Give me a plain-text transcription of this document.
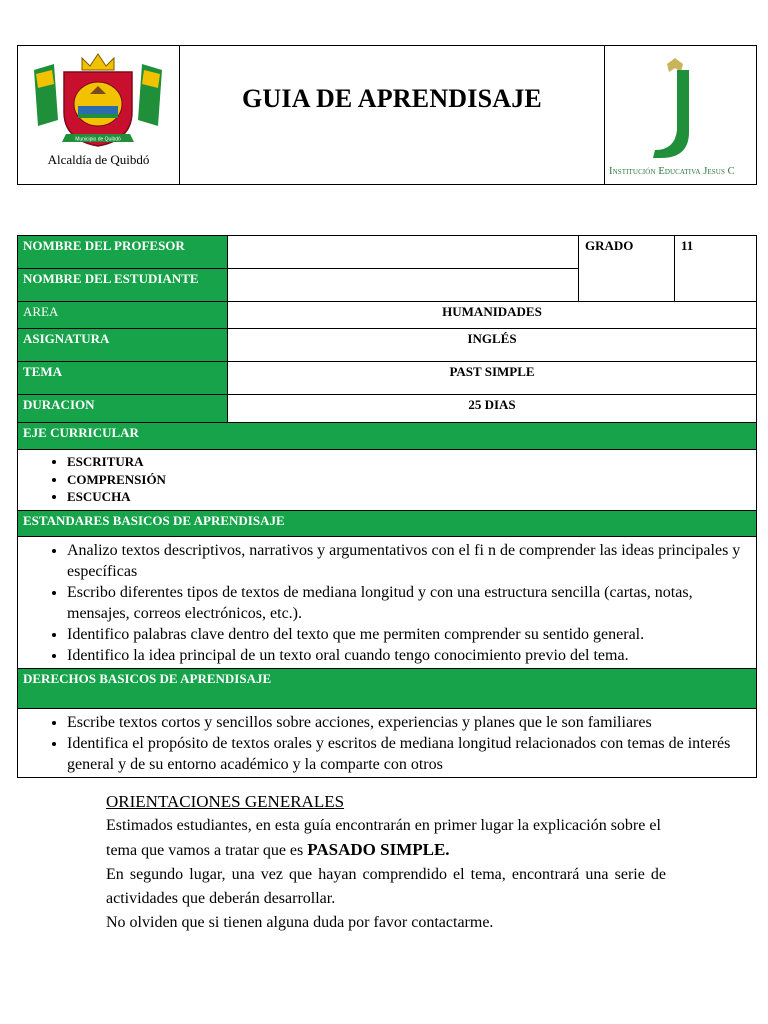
Municipio de Quibdó
Alcaldía de Quibdó
GUIA DE APRENDISAJE
Institución Educativa Jesus C
NOMBRE DEL PROFESOR
NOMBRE DEL ESTUDIANTE
GRADO	11
AREA	HUMANIDADES
ASIGNATURA	INGLÉS
TEMA	PAST SIMPLE
DURACION	25 DIAS
EJE CURRICULAR
• ESCRITURA
• COMPRENSIÓN
• ESCUCHA
ESTANDARES BASICOS DE APRENDISAJE
• Analizo textos descriptivos, narrativos y argumentativos con el fi n de comprender las ideas principales y específicas
• Escribo diferentes tipos de textos de mediana longitud y con una estructura sencilla (cartas, notas, mensajes, correos electrónicos, etc.).
• Identifico palabras clave dentro del texto que me permiten comprender su sentido general.
• Identifico la idea principal de un texto oral cuando tengo conocimiento previo del tema.
DERECHOS BASICOS DE APRENDISAJE
• Escribe textos cortos y sencillos sobre acciones, experiencias y planes que le son familiares
• Identifica el propósito de textos orales y escritos de mediana longitud relacionados con temas de interés general y de su entorno académico y la comparte con otros
ORIENTACIONES GENERALES

Estimados estudiantes, en esta guía encontrarán en primer lugar la explicación sobre el tema que vamos a tratar que es PASADO SIMPLE.

En segundo lugar, una vez que hayan comprendido el tema, encontrará una serie de actividades que deberán desarrollar.

No olviden que si tienen alguna duda por favor contactarme.
